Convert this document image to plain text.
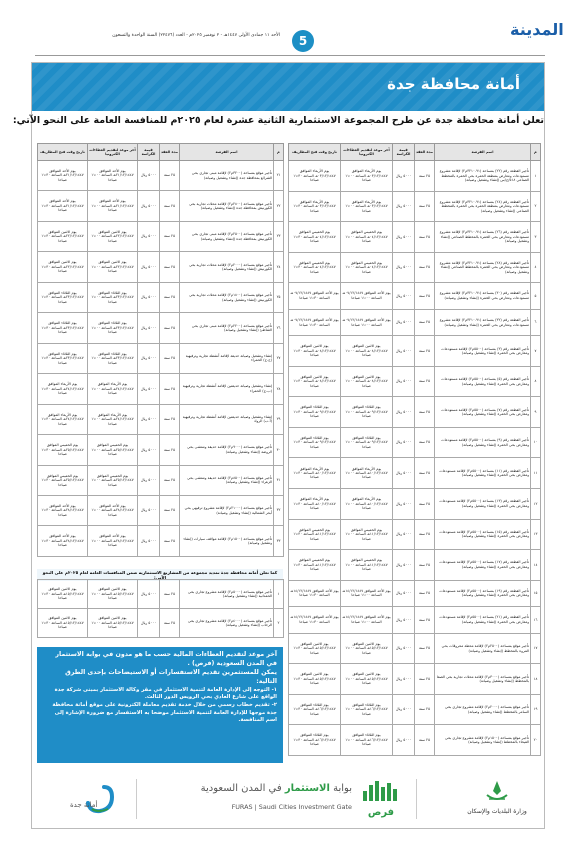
المدينة
5
الأحد ١١ جمادى الأولى ١٤٤٧هـ - ٢ نوفمبر ٢٠٢٥م - العدد (٢٢٤٧٦) السنة الواحدة والتسعون
أمانة محافظة جدة
تعلن أمانة محافظة جدة عن طرح المجموعة الاستثمارية الثانية عشرة لعام ٢٠٢٥م للمنافسة العامة على النحو الآتي:
م	اسم الفرصة	مدة العقد	قيمة الكراسة	آخر موعد لتقديم العطاءات الكترونيا	تاريخ وقت فتح المظاريف
١	تأجير القطعة رقم (٢٢) بمساحة (٣٢١٠.٩١م٢) لإقامة مشروع مستودعات ومعارض بمنطقة الخمرة بحي الخمرة بالمخطط الصناعي ٥١٨/ج/س (إنشاء وتشغيل وصيانة)	٢٥ سنة	٥٠٠٠ ريال	يوم الأربعاء الموافق ٠٣/١٢/١٤٤٧هـ الساعة ١١:٠٠ صباحا	يوم الأربعاء الموافق ٠٣/١٢/١٤٤٧هـ الساعة ١١:٣٠ صباحا
٢	تأجير القطعة رقم (٢٤) بمساحة (٣٢١٠.٩١م٢) لإقامة مشروع مستودعات ومعارض بمنطقة الخمرة بحي الخمرة بالمخطط الصناعي (إنشاء وتشغيل وصيانة)	٢٥ سنة	٥٠٠٠ ريال	يوم الأربعاء الموافق ٠٣/١٢/١٤٤٧هـ الساعة ١١:٠٠ صباحا	يوم الأربعاء الموافق ٠٣/١٢/١٤٤٧هـ الساعة ١١:٣٠ صباحا
٣	تأجير القطعة رقم (٢٦) بمساحة (٣٢١٠.٩١م٢) لإقامة مشروع مستودعات ومعارض بحي الخمرة بالمخطط الصناعي (إنشاء وتشغيل وصيانة)	٢٥ سنة	٥٠٠٠ ريال	يوم الخميس الموافق ٠٤/١٢/١٤٤٧هـ الساعة ١١:٠٠ صباحا	يوم الخميس الموافق ٠٤/١٢/١٤٤٧هـ الساعة ١١:٣٠ صباحا
٤	تأجير القطعة رقم (٢٨) بمساحة (٣٢١٠.٩١م٢) لإقامة مشروع مستودعات ومعارض بحي الخمرة بالمخطط الصناعي (إنشاء وتشغيل وصيانة)	٢٥ سنة	٥٠٠٠ ريال	يوم الخميس الموافق ٠٤/١٢/١٤٤٧هـ الساعة ١١:٠٠ صباحا	يوم الخميس الموافق ٠٤/١٢/١٤٤٧هـ الساعة ١١:٣٠ صباحا
٥	تأجير القطعة رقم (٣٠) بمساحة (٣٢١٠.٩١م٢) لإقامة مشروع مستودعات ومعارض بحي الخمرة (إنشاء وتشغيل وصيانة)	٢٥ سنة	٥٠٠٠ ريال	يوم الأحد الموافق ٠٧/١٢/١٤٤٧هـ الساعة ١١:٠٠ صباحا	يوم الأحد الموافق ٠٧/١٢/١٤٤٧هـ الساعة ١١:٣٠ صباحا
٦	تأجير القطعة رقم (٣٢) بمساحة (٣٢١٠.٩١م٢) لإقامة مشروع مستودعات ومعارض بحي الخمرة (إنشاء وتشغيل وصيانة)	٢٥ سنة	٥٠٠٠ ريال	يوم الأحد الموافق ٠٧/١٢/١٤٤٧هـ الساعة ١١:٠٠ صباحا	يوم الأحد الموافق ٠٧/١٢/١٤٤٧هـ الساعة ١١:٣٠ صباحا
٧	تأجير القطعة رقم (٣) بمساحة (٥٥٠٠م٢) لإقامة مستودعات ومعارض بحي الخمرة (إنشاء وتشغيل وصيانة)	٢٥ سنة	٥٠٠٠ ريال	يوم الاثنين الموافق ٠٨/١٢/١٤٤٧هـ الساعة ١١:٠٠ صباحا	يوم الاثنين الموافق ٠٨/١٢/١٤٤٧هـ الساعة ١١:٣٠ صباحا
٨	تأجير القطعة رقم (٥) بمساحة (٥٥٠٠م٢) لإقامة مستودعات ومعارض بحي الخمرة (إنشاء وتشغيل وصيانة)	٢٥ سنة	٥٠٠٠ ريال	يوم الاثنين الموافق ٠٨/١٢/١٤٤٧هـ الساعة ١١:٠٠ صباحا	يوم الاثنين الموافق ٠٨/١٢/١٤٤٧هـ الساعة ١١:٣٠ صباحا
٩	تأجير القطعة رقم (٧) بمساحة (٥٥٠٠م٢) لإقامة مستودعات ومعارض بحي الخمرة (إنشاء وتشغيل وصيانة)	٢٥ سنة	٥٠٠٠ ريال	يوم الثلاثاء الموافق ٠٩/١٢/١٤٤٧هـ الساعة ١١:٠٠ صباحا	يوم الثلاثاء الموافق ٠٩/١٢/١٤٤٧هـ الساعة ١١:٣٠ صباحا
١٠	تأجير القطعة رقم (٩) بمساحة (٥٥٠٠م٢) لإقامة مستودعات ومعارض بحي الخمرة (إنشاء وتشغيل وصيانة)	٢٥ سنة	٥٠٠٠ ريال	يوم الثلاثاء الموافق ٠٩/١٢/١٤٤٧هـ الساعة ١١:٠٠ صباحا	يوم الثلاثاء الموافق ٠٩/١٢/١٤٤٧هـ الساعة ١١:٣٠ صباحا
١١	تأجير القطعة رقم (١١) بمساحة (٥٥٠٠م٢) لإقامة مستودعات ومعارض بحي الخمرة (إنشاء وتشغيل وصيانة)	٢٥ سنة	٥٠٠٠ ريال	يوم الأربعاء الموافق ١٠/١٢/١٤٤٧هـ الساعة ١١:٠٠ صباحا	يوم الأربعاء الموافق ١٠/١٢/١٤٤٧هـ الساعة ١١:٣٠ صباحا
١٢	تأجير القطعة رقم (١٣) بمساحة (٥٥٠٠م٢) لإقامة مستودعات ومعارض بحي الخمرة (إنشاء وتشغيل وصيانة)	٢٥ سنة	٥٠٠٠ ريال	يوم الأربعاء الموافق ١٠/١٢/١٤٤٧هـ الساعة ١١:٠٠ صباحا	يوم الأربعاء الموافق ١٠/١٢/١٤٤٧هـ الساعة ١١:٣٠ صباحا
١٣	تأجير القطعة رقم (١٥) بمساحة (٥٥٠٠م٢) لإقامة مستودعات ومعارض بحي الخمرة (إنشاء وتشغيل وصيانة)	٢٥ سنة	٥٠٠٠ ريال	يوم الخميس الموافق ١١/١٢/١٤٤٧هـ الساعة ١١:٠٠ صباحا	يوم الخميس الموافق ١١/١٢/١٤٤٧هـ الساعة ١١:٣٠ صباحا
١٤	تأجير القطعة رقم (١٧) بمساحة (٥٥٠٠م٢) لإقامة مستودعات ومعارض بحي الخمرة (إنشاء وتشغيل وصيانة)	٢٥ سنة	٥٠٠٠ ريال	يوم الخميس الموافق ١١/١٢/١٤٤٧هـ الساعة ١١:٠٠ صباحا	يوم الخميس الموافق ١١/١٢/١٤٤٧هـ الساعة ١١:٣٠ صباحا
١٥	تأجير القطعة رقم (١٩) بمساحة (٥٥٠٠م٢) لإقامة مستودعات ومعارض بحي الخمرة (إنشاء وتشغيل وصيانة)	٢٥ سنة	٥٠٠٠ ريال	يوم الأحد الموافق ١٤/١٢/١٤٤٧هـ الساعة ١١:٠٠ صباحا	يوم الأحد الموافق ١٤/١٢/١٤٤٧هـ الساعة ١١:٣٠ صباحا
١٦	تأجير القطعة رقم (٢١) بمساحة (٥٥٠٠م٢) لإقامة مستودعات ومعارض بحي الخمرة (إنشاء وتشغيل وصيانة)	٢٥ سنة	٥٠٠٠ ريال	يوم الأحد الموافق ١٤/١٢/١٤٤٧هـ الساعة ١١:٠٠ صباحا	يوم الأحد الموافق ١٤/١٢/١٤٤٧هـ الساعة ١١:٣٠ صباحا
١٧	تأجير موقع بمساحة (٢٥٠٠م٢) لإقامة محطة محروقات بحي المروة بالمخطط (إنشاء وتشغيل وصيانة)	٢٥ سنة	٥٠٠٠ ريال	يوم الاثنين الموافق ١٥/١٢/١٤٤٧هـ الساعة ١١:٠٠ صباحا	يوم الاثنين الموافق ١٥/١٢/١٤٤٧هـ الساعة ١١:٣٠ صباحا
١٨	تأجير موقع بمساحة (٣٠٠٠م٢) لإقامة محلات تجارية بحي الصفا بالمخطط (إنشاء وتشغيل وصيانة)	٢٥ سنة	٥٠٠٠ ريال	يوم الاثنين الموافق ١٥/١٢/١٤٤٧هـ الساعة ١١:٠٠ صباحا	يوم الاثنين الموافق ١٥/١٢/١٤٤٧هـ الساعة ١١:٣٠ صباحا
١٩	تأجير موقع بمساحة (٢٠٠٠م٢) لإقامة مشروع تجاري بحي السامر بالمخطط (إنشاء وتشغيل وصيانة)	٢٥ سنة	٥٠٠٠ ريال	يوم الثلاثاء الموافق ١٦/١٢/١٤٤٧هـ الساعة ١١:٠٠ صباحا	يوم الثلاثاء الموافق ١٦/١٢/١٤٤٧هـ الساعة ١١:٣٠ صباحا
٢٠	تأجير موقع بمساحة (١٥٠٠م٢) لإقامة مشروع تجاري بحي الفيحاء بالمخطط (إنشاء وتشغيل وصيانة)	٢٥ سنة	٥٠٠٠ ريال	يوم الثلاثاء الموافق ١٦/١٢/١٤٤٧هـ الساعة ١١:٠٠ صباحا	يوم الثلاثاء الموافق ١٦/١٢/١٤٤٧هـ الساعة ١١:٣٠ صباحا
م	اسم الفرصة	مدة العقد	قيمة الكراسة	آخر موعد لتقديم العطاءات الكترونيا	تاريخ وقت فتح المظاريف
٢١	تأجير موقع بمساحة (٣٢٠٠م٢) لإقامة مبنى تجاري بحي الشرائع بمحافظة جدة (إنشاء وتشغيل وصيانة)	٢٥ سنة	٥٠٠٠ ريال	يوم الأحد الموافق ٢١/١٢/١٤٤٧هـ الساعة ١١:٠٠ صباحا	يوم الأحد الموافق ٢١/١٢/١٤٤٧هـ الساعة ١١:٣٠ صباحا
٢٢	تأجير موقع بمساحة (٢٨٠٠م٢) لإقامة محلات تجارية بحي الكورنيش بمحافظة جدة (إنشاء وتشغيل وصيانة)	٢٥ سنة	٥٠٠٠ ريال	يوم الأحد الموافق ٢١/١٢/١٤٤٧هـ الساعة ١١:٠٠ صباحا	يوم الأحد الموافق ٢١/١٢/١٤٤٧هـ الساعة ١١:٣٠ صباحا
٢٣	تأجير موقع بمساحة (٢٥٠٠م٢) لإقامة مبنى تجاري بحي الكورنيش بمحافظة جدة (إنشاء وتشغيل وصيانة)	٢٥ سنة	٥٠٠٠ ريال	يوم الاثنين الموافق ٢٢/١٢/١٤٤٧هـ الساعة ١١:٠٠ صباحا	يوم الاثنين الموافق ٢٢/١٢/١٤٤٧هـ الساعة ١١:٣٠ صباحا
٢٤	تأجير موقع بمساحة (٢٠٠٠م٢) لإقامة محلات تجارية بحي الكورنيش (إنشاء وتشغيل وصيانة)	٢٥ سنة	٥٠٠٠ ريال	يوم الاثنين الموافق ٢٢/١٢/١٤٤٧هـ الساعة ١١:٠٠ صباحا	يوم الاثنين الموافق ٢٢/١٢/١٤٤٧هـ الساعة ١١:٣٠ صباحا
٢٥	تأجير موقع بمساحة (١٨٠٠م٢) لإقامة محلات تجارية بحي الكورنيش (إنشاء وتشغيل وصيانة)	٢٥ سنة	٥٠٠٠ ريال	يوم الثلاثاء الموافق ٢٣/١٢/١٤٤٧هـ الساعة ١١:٠٠ صباحا	يوم الثلاثاء الموافق ٢٣/١٢/١٤٤٧هـ الساعة ١١:٣٠ صباحا
٢٦	تأجير موقع بمساحة (٢٢٠٠م٢) لإقامة مبنى تجاري بحي الشاطئ (إنشاء وتشغيل وصيانة)	٢٥ سنة	٥٠٠٠ ريال	يوم الثلاثاء الموافق ٢٣/١٢/١٤٤٧هـ الساعة ١١:٠٠ صباحا	يوم الثلاثاء الموافق ٢٣/١٢/١٤٤٧هـ الساعة ١١:٣٠ صباحا
٢٧	إنشاء وتشغيل وصيانة حديقة لإقامة أنشطة تجارية وترفيهية (ج-ح) الحمراء	٢٥ سنة	٥٠٠٠ ريال	يوم الثلاثاء الموافق ٢٣/١٢/١٤٤٧هـ الساعة ١١:٠٠ صباحا	يوم الثلاثاء الموافق ٢٣/١٢/١٤٤٧هـ الساعة ١١:٣٠ صباحا
٢٨	إنشاء وتشغيل وصيانة حديقتين لإقامة أنشطة تجارية وترفيهية (ب-ج) الحمراء	٢٥ سنة	٥٠٠٠ ريال	يوم الأربعاء الموافق ٢٤/١٢/١٤٤٧هـ الساعة ١١:٠٠ صباحا	يوم الأربعاء الموافق ٢٤/١٢/١٤٤٧هـ الساعة ١١:٣٠ صباحا
٢٩	إنشاء وتشغيل وصيانة حديقتين لإقامة أنشطة تجارية وترفيهية (أ-ب) الرواد	٢٥ سنة	٥٠٠٠ ريال	يوم الأربعاء الموافق ٢٤/١٢/١٤٤٧هـ الساعة ١١:٠٠ صباحا	يوم الأربعاء الموافق ٢٤/١٢/١٤٤٧هـ الساعة ١١:٣٠ صباحا
٣٠	تأجير موقع بمساحة (٩٠٠٠م٢) لإقامة حديقة وممشى بحي الروضة (إنشاء وتشغيل وصيانة)	٢٥ سنة	٥٠٠٠ ريال	يوم الخميس الموافق ٢٥/١٢/١٤٤٧هـ الساعة ١١:٠٠ صباحا	يوم الخميس الموافق ٢٥/١٢/١٤٤٧هـ الساعة ١١:٣٠ صباحا
٣١	تأجير موقع بمساحة (٨٥٠٠م٢) لإقامة حديقة وممشى بحي الزهراء (إنشاء وتشغيل وصيانة)	٢٥ سنة	٥٠٠٠ ريال	يوم الخميس الموافق ٢٥/١٢/١٤٤٧هـ الساعة ١١:٠٠ صباحا	يوم الخميس الموافق ٢٥/١٢/١٤٤٧هـ الساعة ١١:٣٠ صباحا
٣٢	تأجير موقع بمساحة (٢١٠٠٠م٢) لإقامة مشروع ترفيهي بحي أبحر الشمالية (إنشاء وتشغيل وصيانة)	٢٥ سنة	٥٠٠٠ ريال	يوم الأحد الموافق ٢٨/١٢/١٤٤٧هـ الساعة ١١:٠٠ صباحا	يوم الأحد الموافق ٢٨/١٢/١٤٤٧هـ الساعة ١١:٣٠ صباحا
٣٣	تأجير موقع بمساحة (١٥٠٠م٢) لإقامة مواقف سيارات (إنشاء وتشغيل وصيانة)	٢٥ سنة	٥٠٠٠ ريال	يوم الأحد الموافق ٢٨/١٢/١٤٤٧هـ الساعة ١١:٠٠ صباحا	يوم الأحد الموافق ٢٨/١٢/١٤٤٧هـ الساعة ١١:٣٠ صباحا
كما تعلن أمانة محافظة جدة تمديد مجموعة من المشاريع الاستثمارية ضمن المنافسات العامة لعام ٢٠٢٥م على النحو الآتي:
١	تأجير موقع بمساحة (٥٠٠٠م٢) لإقامة مشروع تجاري بحي الحمدانية (إنشاء وتشغيل وصيانة)	٢٥ سنة	٥٠٠٠ ريال	يوم الاثنين الموافق ١٥/١٢/١٤٤٧هـ الساعة ١١:٠٠ صباحا	يوم الاثنين الموافق ١٥/١٢/١٤٤٧هـ الساعة ١١:٣٠ صباحا
٢	تأجير موقع بمساحة (٤٠٠٠م٢) لإقامة مشروع تجاري بحي الرحاب (إنشاء وتشغيل وصيانة)	٢٥ سنة	٥٠٠٠ ريال	يوم الاثنين الموافق ١٥/١٢/١٤٤٧هـ الساعة ١١:٠٠ صباحا	يوم الاثنين الموافق ١٥/١٢/١٤٤٧هـ الساعة ١١:٣٠ صباحا

آخر موعد لتقديم العطاءات المالية حسب ما هو مدون في بوابة الاستثمار في المدن السعودية (فرص) .

يمكن للمستثمرين تقديم الاستفسارات أو الاستيضاحات بإحدى الطرق التالية:

١- التوجه إلى الإدارة العامة لتنمية الاستثمار في مقر وكالة الاستثمار بمبنى شركة جدة الواقع على شارع العادي بحي الرويس الدور الثالث.

٢- تقديم خطاب رسمي من خلال خدمة تقديم معاملة الكترونية على موقع أمانة محافظة جدة موجها للإدارة العامة لتنمية الاستثمار موضحا به الاستفسار مع ضرورة الإشارة إلى اسم المنافسة.

أمانة جدة
بوابة الاستثمار في المدن السعودية
FURAS | Saudi Cities Investment Gate فرص	وزارة البلديات والإسكان
